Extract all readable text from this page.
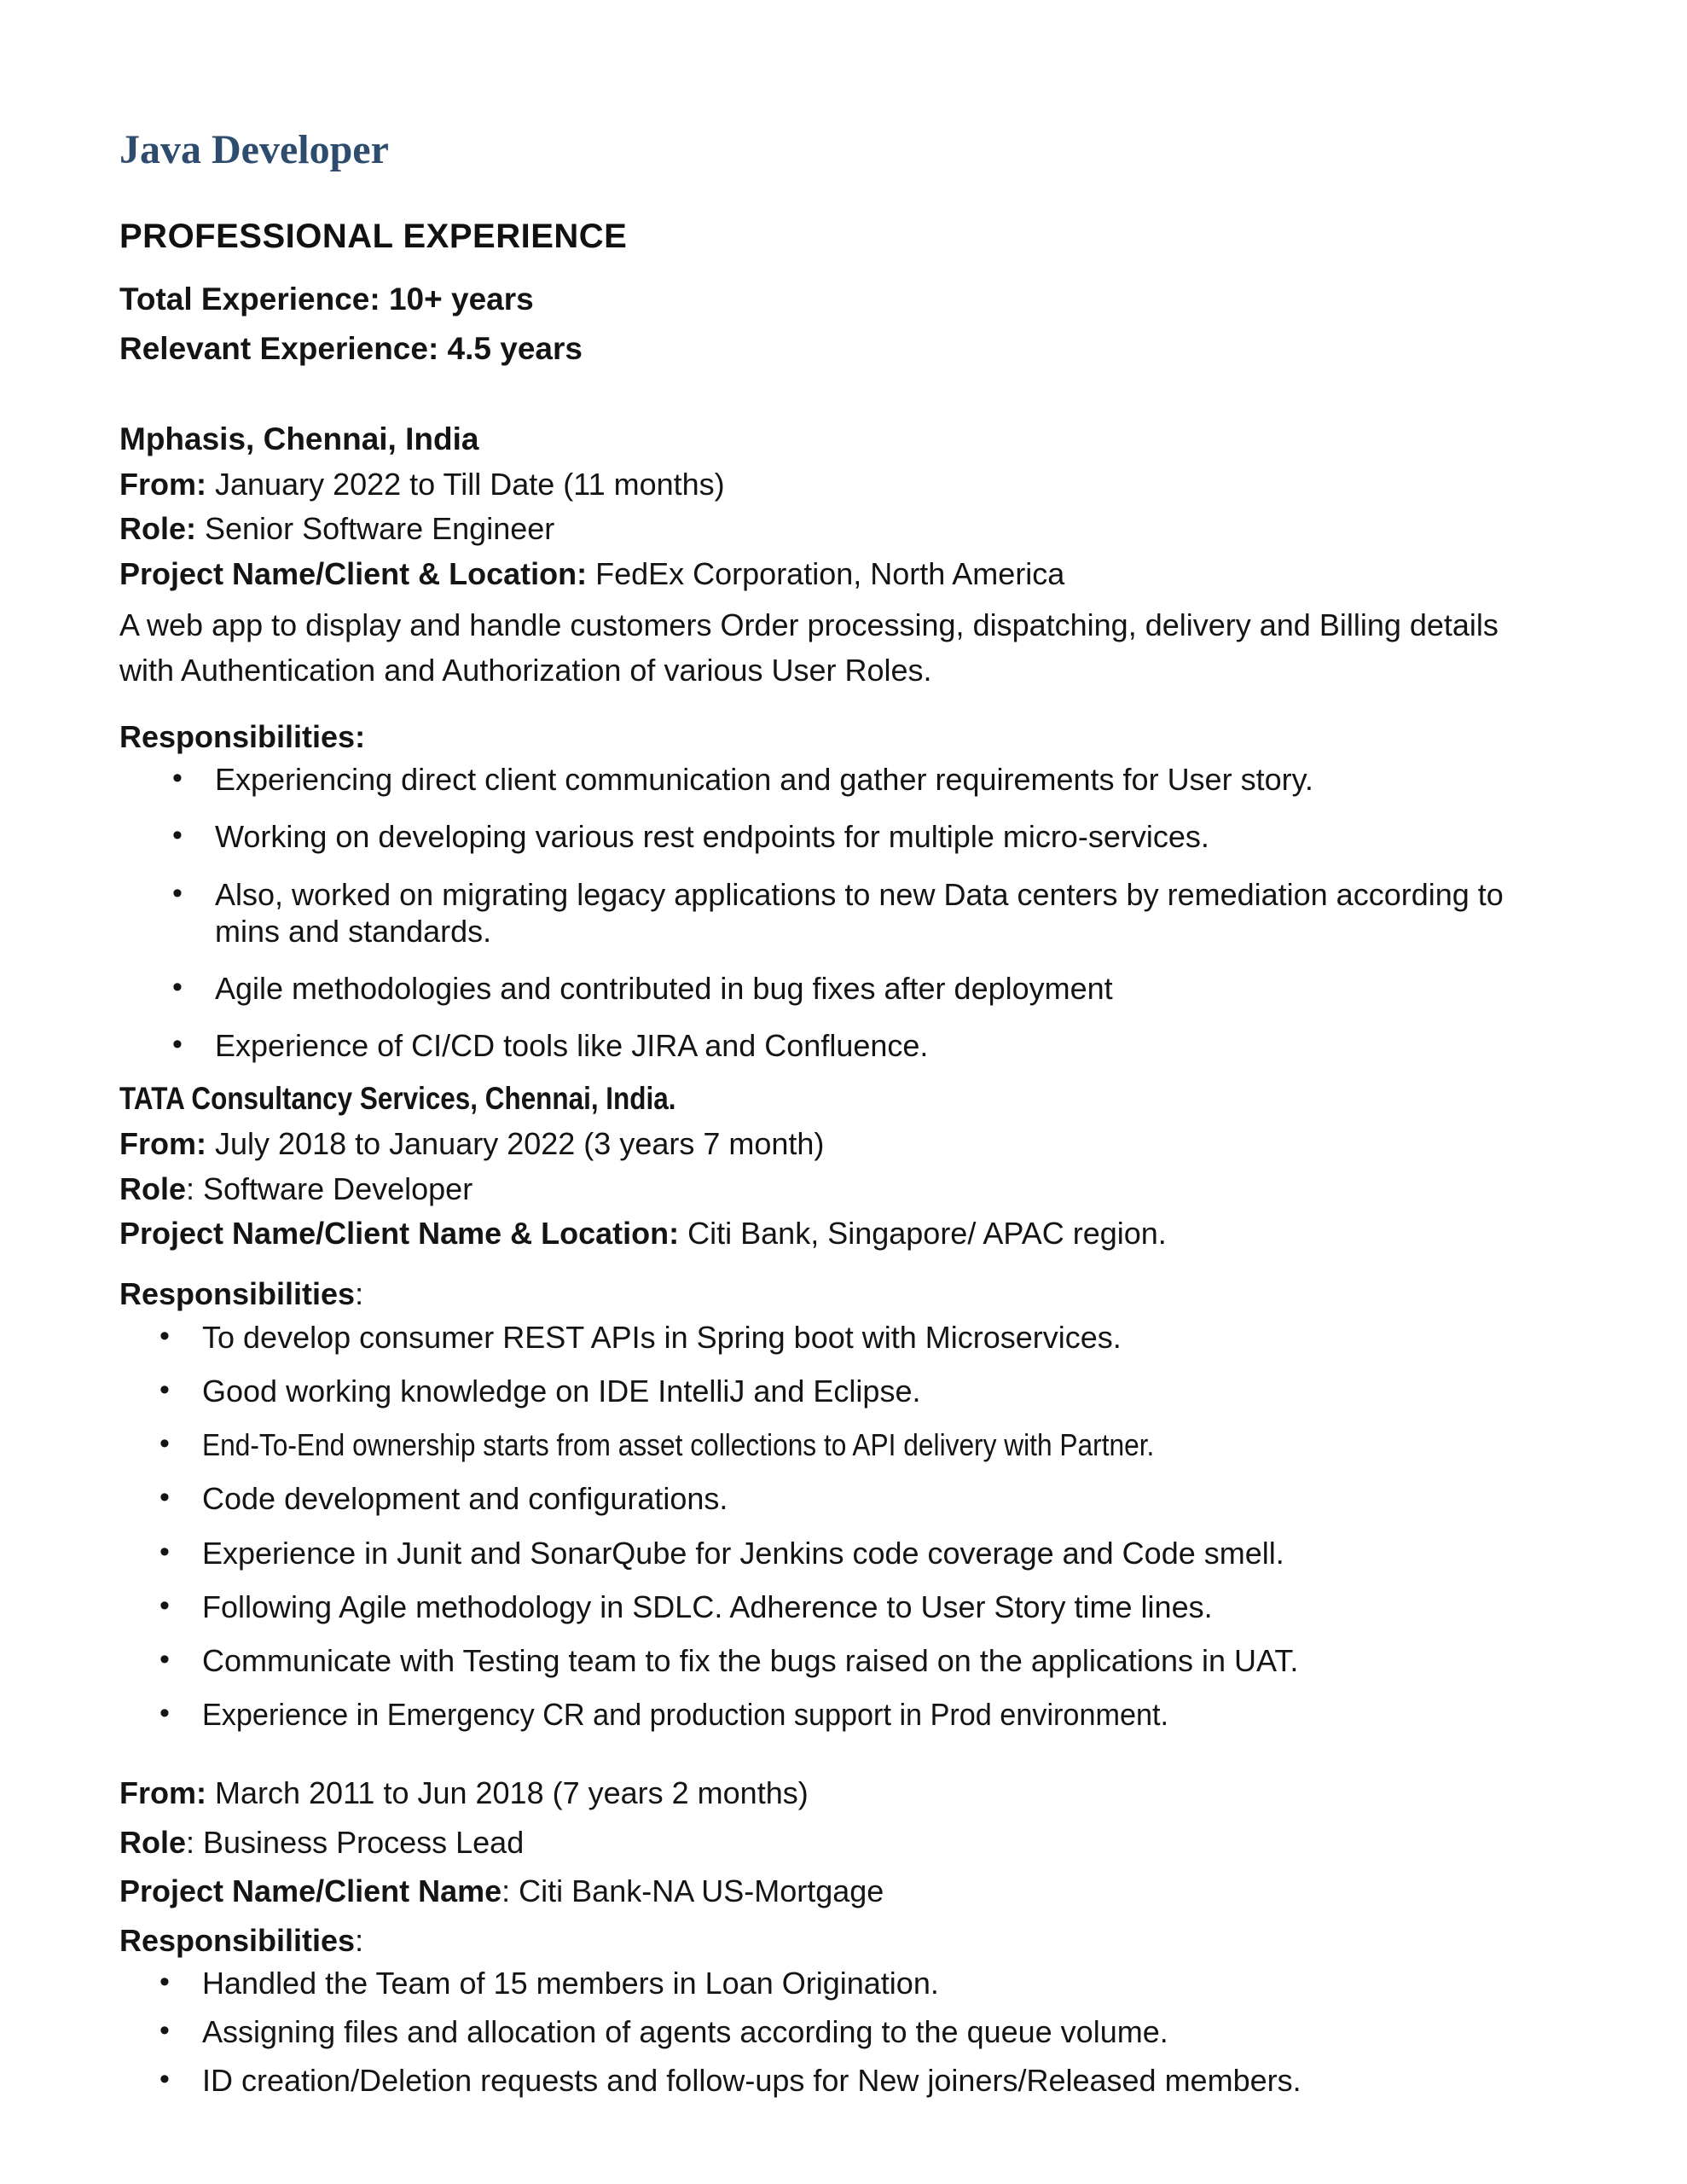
Java Developer
PROFESSIONAL EXPERIENCE

Total Experience: 10+ years

Relevant Experience: 4.5 years

Mphasis, Chennai, India

From: January 2022 to Till Date (11 months)

Role: Senior Software Engineer

Project Name/Client & Location: FedEx Corporation, North America

A web app to display and handle customers Order processing, dispatching, delivery and Billing details with Authentication and Authorization of various User Roles.

Responsibilities:

• Experiencing direct client communication and gather requirements for User story.
• Working on developing various rest endpoints for multiple micro-services.
• Also, worked on migrating legacy applications to new Data centers by remediation according to mins and standards.
• Agile methodologies and contributed in bug fixes after deployment
• Experience of CI/CD tools like JIRA and Confluence.
TATA Consultancy Services, Chennai, India.

From: July 2018 to January 2022 (3 years 7 month)

Role: Software Developer

Project Name/Client Name & Location: Citi Bank, Singapore/ APAC region.

Responsibilities:

• To develop consumer REST APIs in Spring boot with Microservices.
• Good working knowledge on IDE IntelliJ and Eclipse.
• End-To-End ownership starts from asset collections to API delivery with Partner.
• Code development and configurations.
• Experience in Junit and SonarQube for Jenkins code coverage and Code smell.
• Following Agile methodology in SDLC. Adherence to User Story time lines.
• Communicate with Testing team to fix the bugs raised on the applications in UAT.
• Experience in Emergency CR and production support in Prod environment.

From: March 2011 to Jun 2018 (7 years 2 months)

Role: Business Process Lead

Project Name/Client Name: Citi Bank-NA US-Mortgage

Responsibilities:

• Handled the Team of 15 members in Loan Origination.
• Assigning files and allocation of agents according to the queue volume.
• ID creation/Deletion requests and follow-ups for New joiners/Released members.
